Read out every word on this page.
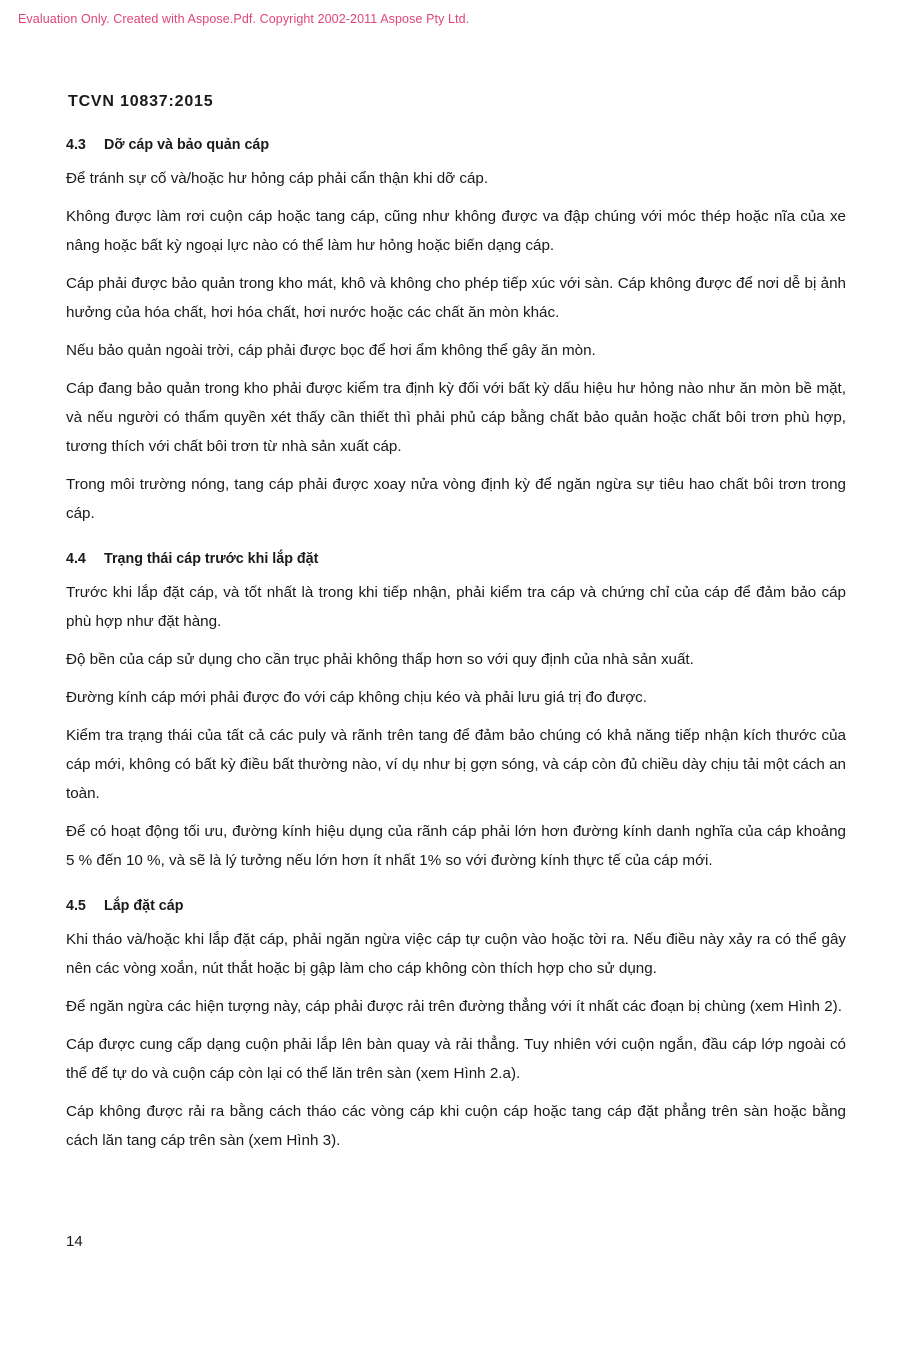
Evaluation Only. Created with Aspose.Pdf. Copyright 2002-2011 Aspose Pty Ltd.
TCVN 10837:2015
4.3 Dỡ cáp và bảo quản cáp

Để tránh sự cố và/hoặc hư hỏng cáp phải cẩn thận khi dỡ cáp.

Không được làm rơi cuộn cáp hoặc tang cáp, cũng như không được va đập chúng với móc thép hoặc nĩa của xe nâng hoặc bất kỳ ngoại lực nào có thể làm hư hỏng hoặc biến dạng cáp.

Cáp phải được bảo quản trong kho mát, khô và không cho phép tiếp xúc với sàn. Cáp không được để nơi dễ bị ảnh hưởng của hóa chất, hơi hóa chất, hơi nước hoặc các chất ăn mòn khác.

Nếu bảo quản ngoài trời, cáp phải được bọc để hơi ẩm không thể gây ăn mòn.

Cáp đang bảo quản trong kho phải được kiểm tra định kỳ đối với bất kỳ dấu hiệu hư hỏng nào như ăn mòn bề mặt, và nếu người có thẩm quyền xét thấy cần thiết thì phải phủ cáp bằng chất bảo quản hoặc chất bôi trơn phù hợp, tương thích với chất bôi trơn từ nhà sản xuất cáp.

Trong môi trường nóng, tang cáp phải được xoay nửa vòng định kỳ để ngăn ngừa sự tiêu hao chất bôi trơn trong cáp.

4.4 Trạng thái cáp trước khi lắp đặt

Trước khi lắp đặt cáp, và tốt nhất là trong khi tiếp nhận, phải kiểm tra cáp và chứng chỉ của cáp để đảm bảo cáp phù hợp như đặt hàng.

Độ bền của cáp sử dụng cho cần trục phải không thấp hơn so với quy định của nhà sản xuất.

Đường kính cáp mới phải được đo với cáp không chịu kéo và phải lưu giá trị đo được.

Kiểm tra trạng thái của tất cả các puly và rãnh trên tang để đảm bảo chúng có khả năng tiếp nhận kích thước của cáp mới, không có bất kỳ điều bất thường nào, ví dụ như bị gợn sóng, và cáp còn đủ chiều dày chịu tải một cách an toàn.

Để có hoạt động tối ưu, đường kính hiệu dụng của rãnh cáp phải lớn hơn đường kính danh nghĩa của cáp khoảng 5 % đến 10 %, và sẽ là lý tưởng nếu lớn hơn ít nhất 1% so với đường kính thực tế của cáp mới.

4.5 Lắp đặt cáp

Khi tháo và/hoặc khi lắp đặt cáp, phải ngăn ngừa việc cáp tự cuộn vào hoặc tời ra. Nếu điều này xảy ra có thể gây nên các vòng xoắn, nút thắt hoặc bị gập làm cho cáp không còn thích hợp cho sử dụng.

Để ngăn ngừa các hiện tượng này, cáp phải được rải trên đường thẳng với ít nhất các đoạn bị chùng (xem Hình 2).

Cáp được cung cấp dạng cuộn phải lắp lên bàn quay và rải thẳng. Tuy nhiên với cuộn ngắn, đầu cáp lớp ngoài có thể để tự do và cuộn cáp còn lại có thể lăn trên sàn (xem Hình 2.a).

Cáp không được rải ra bằng cách tháo các vòng cáp khi cuộn cáp hoặc tang cáp đặt phẳng trên sàn hoặc bằng cách lăn tang cáp trên sàn (xem Hình 3).

14
